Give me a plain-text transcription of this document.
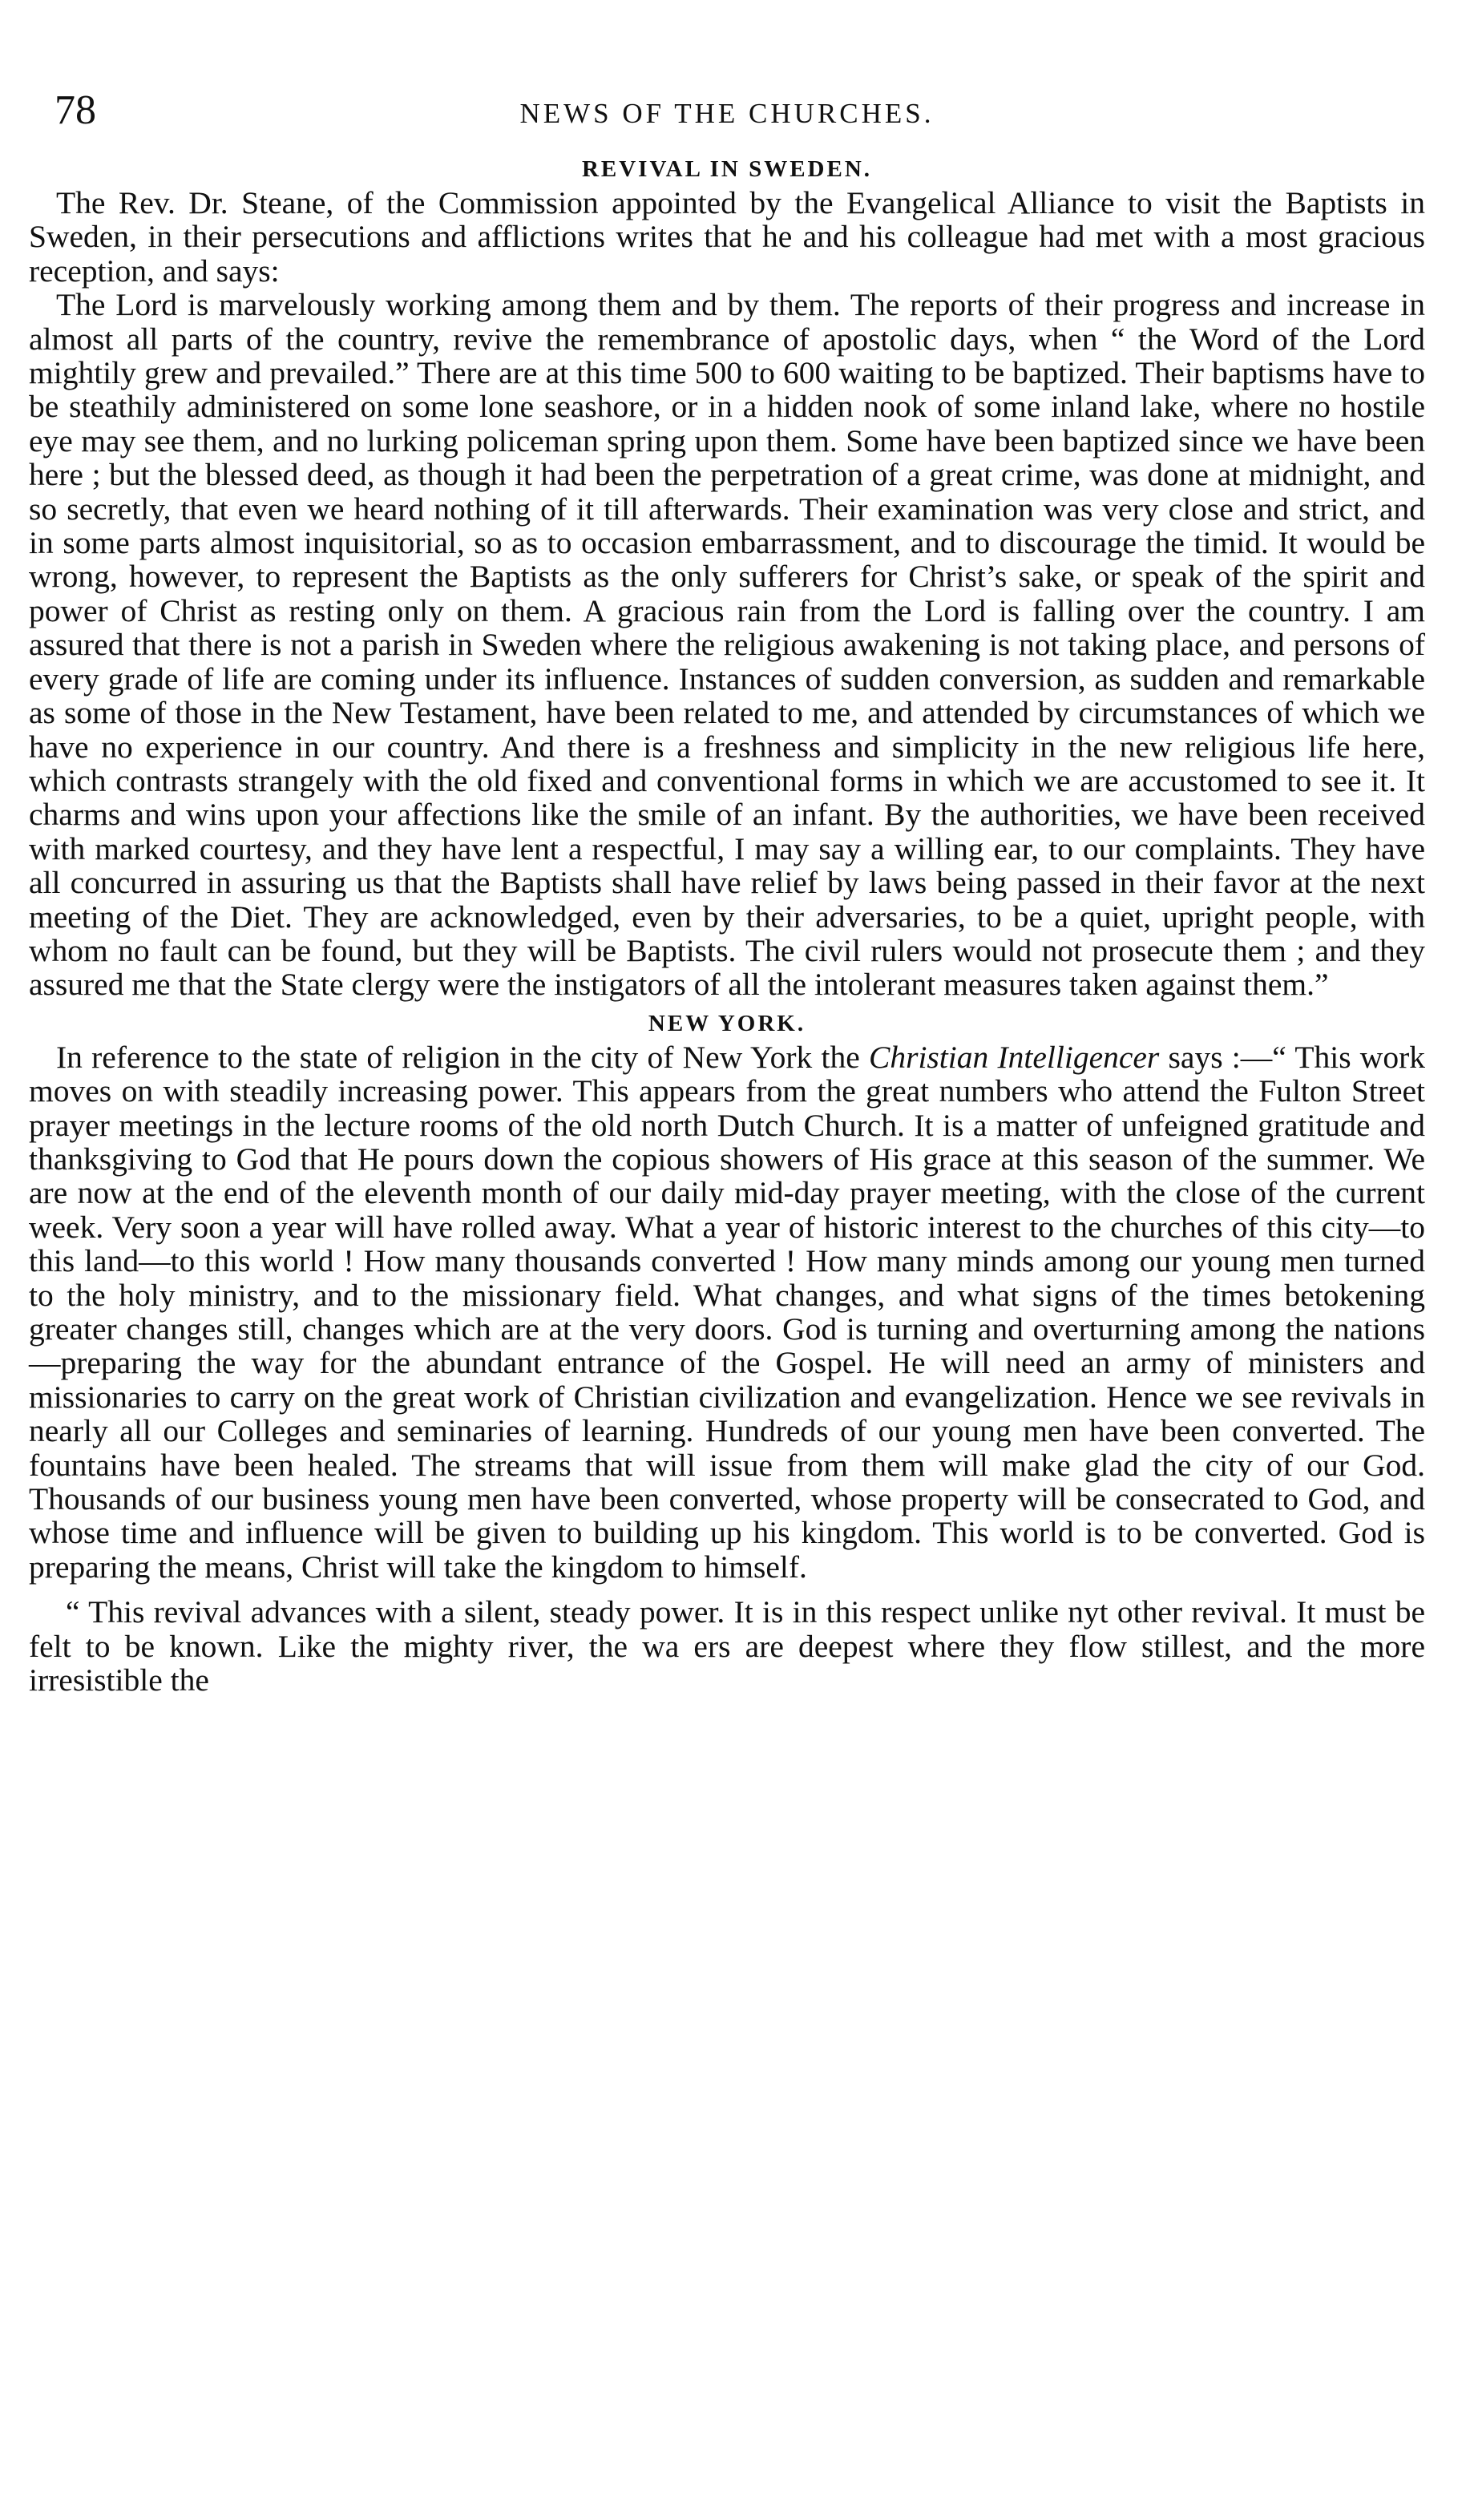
78	NEWS OF THE CHURCHES.
REVIVAL IN SWEDEN.

The Rev. Dr. Steane, of the Commission appointed by the Evangelical Alliance to visit the Baptists in Sweden, in their persecutions and afflictions writes that he and his colleague had met with a most gracious reception, and says:

The Lord is marvelously working among them and by them. The reports of their progress and increase in almost all parts of the country, revive the remembrance of apostolic days, when “ the Word of the Lord mightily grew and prevailed.” There are at this time 500 to 600 waiting to be baptized. Their baptisms have to be steathily administered on some lone seashore, or in a hidden nook of some inland lake, where no hostile eye may see them, and no lurking policeman spring upon them. Some have been baptized since we have been here ; but the blessed deed, as though it had been the perpetration of a great crime, was done at midnight, and so secretly, that even we heard nothing of it till afterwards. Their examination was very close and strict, and in some parts almost inquisitorial, so as to occasion embarrassment, and to discourage the timid. It would be wrong, however, to represent the Baptists as the only sufferers for Christ’s sake, or speak of the spirit and power of Christ as resting only on them. A gracious rain from the Lord is falling over the country. I am assured that there is not a parish in Sweden where the religious awakening is not taking place, and persons of every grade of life are coming under its influence. Instances of sudden conversion, as sudden and remarkable as some of those in the New Testament, have been related to me, and attended by circumstances of which we have no experience in our country. And there is a freshness and simplicity in the new religious life here, which contrasts strangely with the old fixed and conventional forms in which we are accustomed to see it. It charms and wins upon your affections like the smile of an infant. By the authorities, we have been received with marked courtesy, and they have lent a respectful, I may say a willing ear, to our complaints. They have all concurred in assuring us that the Baptists shall have relief by laws being passed in their favor at the next meeting of the Diet. They are acknowledged, even by their adversaries, to be a quiet, upright people, with whom no fault can be found, but they will be Baptists. The civil rulers would not prosecute them ; and they assured me that the State clergy were the instigators of all the intolerant measures taken against them.”

NEW YORK.

In reference to the state of religion in the city of New York the Christian Intelligencer says :—“ This work moves on with steadily increasing power. This appears from the great numbers who attend the Fulton Street prayer meetings in the lecture rooms of the old north Dutch Church. It is a matter of unfeigned gratitude and thanksgiving to God that He pours down the copious showers of His grace at this season of the summer. We are now at the end of the eleventh month of our daily mid-day prayer meeting, with the close of the current week. Very soon a year will have rolled away. What a year of historic interest to the churches of this city—to this land—to this world ! How many thousands converted ! How many minds among our young men turned to the holy ministry, and to the missionary field. What changes, and what signs of the times betokening greater changes still, changes which are at the very doors. God is turning and overturning among the nations—preparing the way for the abundant entrance of the Gospel. He will need an army of ministers and missionaries to carry on the great work of Christian civilization and evangelization. Hence we see revivals in nearly all our Colleges and seminaries of learning. Hundreds of our young men have been converted. The fountains have been healed. The streams that will issue from them will make glad the city of our God. Thousands of our business young men have been converted, whose property will be consecrated to God, and whose time and influence will be given to building up his kingdom. This world is to be converted. God is preparing the means, Christ will take the kingdom to himself.

“ This revival advances with a silent, steady power. It is in this respect unlike nyt other revival. It must be felt to be known. Like the mighty river, the wa ers are deepest where they flow stillest, and the more irresistible the
